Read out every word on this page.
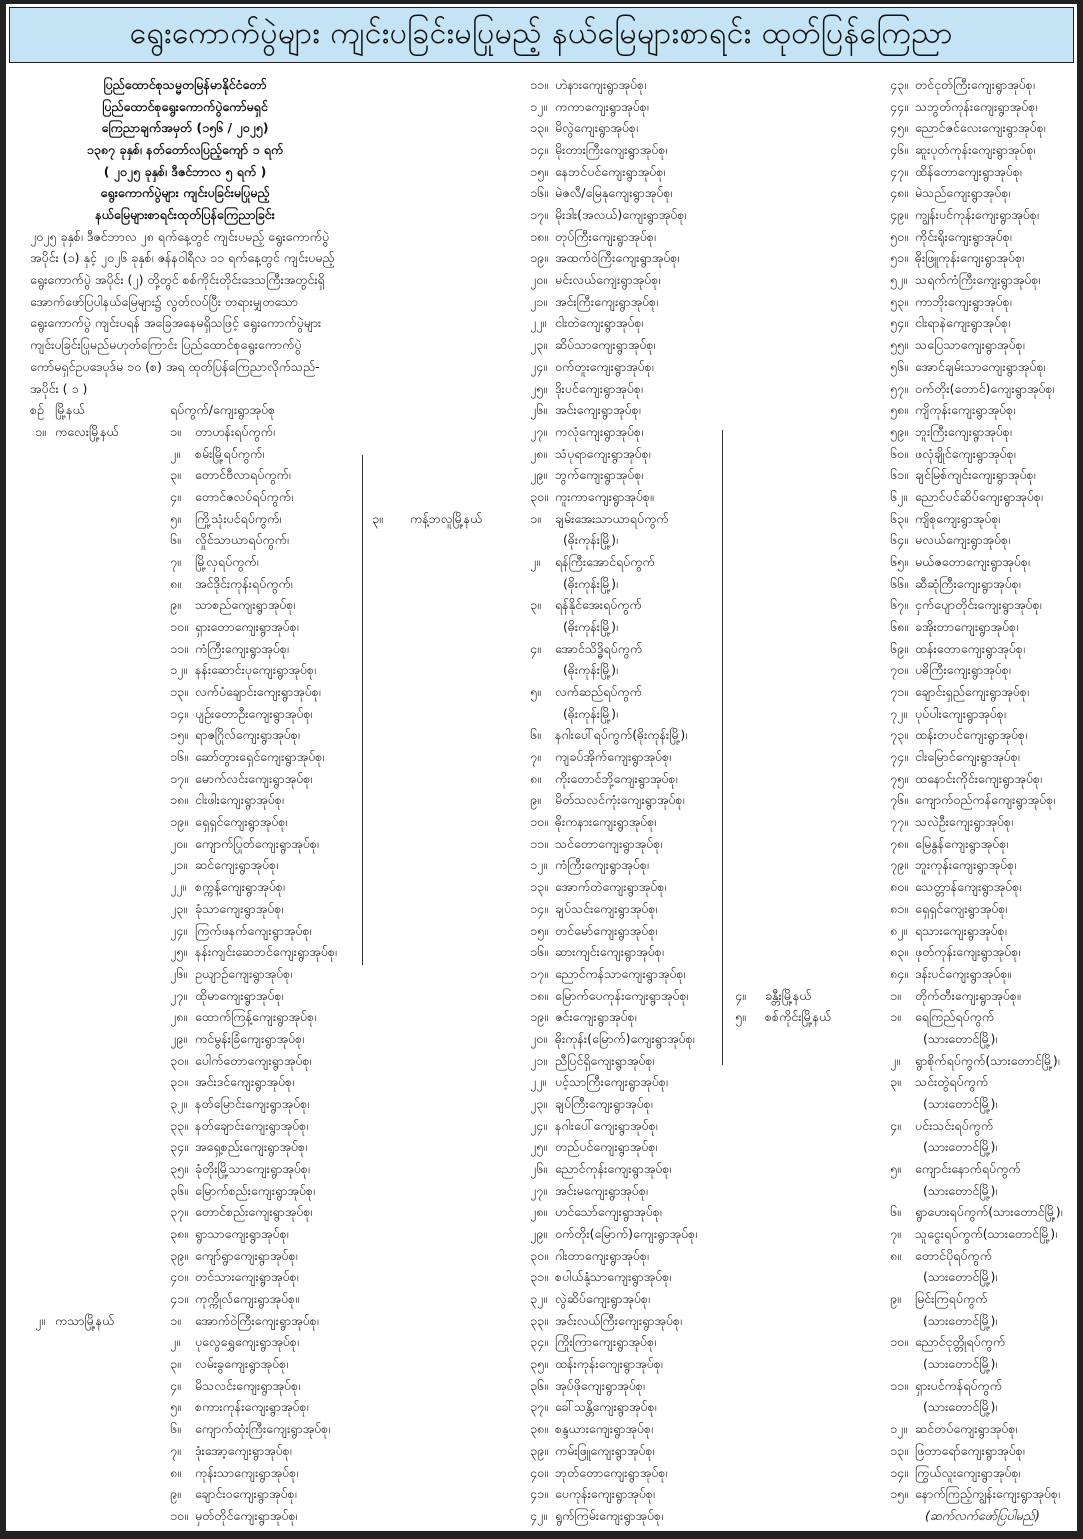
ရွေးကောက်ပွဲများ ကျင်းပခြင်းမပြုမည့် နယ်မြေများစာရင်း ထုတ်ပြန်ကြေညာ
ပြည်ထောင်စုသမ္မတမြန်မာနိုင်ငံတော်
ပြည်ထောင်စုရွေးကောက်ပွဲကော်မရှင်
ကြေညာချက်အမှတ် (၁၅၆ / ၂၀၂၅)
၁၃၈၇ ခုနှစ်၊ နတ်တော်လပြည့်ကျော် ၁ ရက်
( ၂၀၂၅ ခုနှစ်၊ ဒီဇင်ဘာလ ၅ ရက် )
ရွေးကောက်ပွဲများ ကျင်းပခြင်းမပြုမည့်
နယ်မြေများစာရင်းထုတ်ပြန်ကြေညာခြင်း
၂၀၂၅ ခုနှစ်၊ ဒီဇင်ဘာလ ၂၈ ရက်နေ့တွင် ကျင်းပမည့် ရွေးကောက်ပွဲ
အပိုင်း (၁) နှင့် ၂၀၂၆ ခုနှစ်၊ ဇန်နဝါရီလ ၁၁ ရက်နေ့တွင် ကျင်းပမည့်
ရွေးကောက်ပွဲ အပိုင်း (၂) တို့တွင် စစ်ကိုင်းတိုင်းဒေသကြီးအတွင်းရှိ
အောက်ဖော်ပြပါနယ်မြေများ၌ လွတ်လပ်ပြီး တရားမျှတသော
ရွေးကောက်ပွဲ ကျင်းပရန် အခြေအနေမရှိသဖြင့် ရွေးကောက်ပွဲများ
ကျင်းပခြင်းပြုမည်မဟုတ်ကြောင်း ပြည်ထောင်စုရွေးကောက်ပွဲ
ကော်မရှင်ဥပဒေပုဒ်မ ၁၀ (စ) အရ ထုတ်ပြန်ကြေညာလိုက်သည်-
အပိုင်း ( ၁ )
စဉ် မြို့နယ်	ရပ်ကွက်/ကျေးရွာအုပ်စု
၁။ ကလေးမြို့နယ်	၁။ တာဟန်းရပ်ကွက်၊
၂။ စမ်းမြို့ရပ်ကွက်၊
၃။ တောင်ဗီလာရပ်ကွက်၊
၄။ တောင်ဇလပ်ရပ်ကွက်၊
၅။ ကြို့သုံးပင်ရပ်ကွက်၊
၆။ လှိုင်သာယာရပ်ကွက်၊
၇။ မြို့လှရပ်ကွက်၊
၈။ အင်ဒိုင်းကုန်းရပ်ကွက်၊
၉။ သာစည်ကျေးရွာအုပ်စု၊
၁၀။ ရှားတောကျေးရွာအုပ်စု၊
၁၁။ ကံကြီးကျေးရွာအုပ်စု၊
၁၂။ နန်းဆောင်းပုကျေးရွာအုပ်စု၊
၁၃။ လက်ပံချောင်းကျေးရွာအုပ်စု၊
၁၄။ ပျဉ်းတောဦးကျေးရွာအုပ်စု၊
၁၅။ ရာဇဂြိုလ်ကျေးရွာအုပ်စု၊
၁၆။ ဆော်တွားရှေင်ကျေးရွာအုပ်စု၊
၁၇။ မောက်လင်းကျေးရွာအုပ်စု၊
၁၈။ ငါးဖါးကျေးရွာအုပ်စု၊
၁၉။ ရှေရှင်ကျေးရွာအုပ်စု၊
၂၀။ ကျောက်ပြုတ်ကျေးရွာအုပ်စု၊
၂၁။ ဆင်ကျေးရွာအုပ်စု၊
၂၂။ စက္ကန့်ကျေးရွာအုပ်စု၊
၂၃။ ခုံသာကျေးရွာအုပ်စု၊
၂၄။ ကြက်ဖနက်ကျေးရွာအုပ်စု၊
၂၅။ နန်းကျင်းဆေဘင်ကျေးရွာအုပ်စု၊
၂၆။ ဥယျာဉ်ကျေးရွာအုပ်စု၊
၂၇။ ထိုမာကျေးရွာအုပ်စု၊
၂၈။ ထောက်ကြန့်ကျေးရွာအုပ်စု၊
၂၉။ ကင်မွန်းခြံကျေးရွာအုပ်စု၊
၃၀။ ပေါက်တောကျေးရွာအုပ်စု၊
၃၁။ အင်းဒင်ကျေးရွာအုပ်စု၊
၃၂။ နတ်မြောင်းကျေးရွာအုပ်စု၊
၃၃။ နတ်ချောင်းကျေးရွာအုပ်စု၊
၃၄။ အရှေ့စည်းကျေးရွာအုပ်စု၊
၃၅။ ခုံတိုးမြို့သာကျေးရွာအုပ်စု၊
၃၆။ မြောက်စည်းကျေးရွာအုပ်စု၊
၃၇။ တောင်စည်းကျေးရွာအုပ်စု၊
၃၈။ ရွာသာကျေးရွာအုပ်စု၊
၃၉။ ကျော်ရွာကျေးရွာအုပ်စု၊
၄၀။ တင်သားကျေးရွာအုပ်စု၊
၄၁။ ကုက္ကိုလ်ကျေးရွာအုပ်စု။
၂။ ကသာမြို့နယ်	၁။ အောက်ဝဲကြီးကျေးရွာအုပ်စု၊
၂။ ပုလွေရွှေကျေးရွာအုပ်စု၊
၃။ လမ်းခွကျေးရွာအုပ်စု၊
၄။ မိသလင်းကျေးရွာအုပ်စု၊
၅။ စကားကုန်းကျေးရွာအုပ်စု၊
၆။ ကျောက်ထုံးကြီးကျေးရွာအုပ်စု၊
၇။ ဒုံးအော့ကျေးရွာအုပ်စု၊
၈။ ကုန်းသာကျေးရွာအုပ်စု၊
၉။ ချောင်းဝကျေးရွာအုပ်စု၊
၁၀။ မှတ်တိုင်ကျေးရွာအုပ်စု၊
၁၁။ ဟဲနားကျေးရွာအုပ်စု၊
၁၂။ ကကာကျေးရွာအုပ်စု၊
၁၃။ မိလွဲကျေးရွာအုပ်စု၊
၁၄။ မိုးတားကြီးကျေးရွာအုပ်စု၊
၁၅။ နေဘင်ပင်ကျေးရွာအုပ်စု၊
၁၆။ မဲဇလီ/မြေနုကျေးရွာအုပ်စု၊
၁၇။ မိုးဒါး(အလယ်)ကျေးရွာအုပ်စု၊
၁၈။ တုပ်ကြီးကျေးရွာအုပ်စု၊
၁၉။ အထက်ဝဲကြီးကျေးရွာအုပ်စု၊
၂၀။ မင်းလယ်ကျေးရွာအုပ်စု၊
၂၁။ အင်းကြီးကျေးရွာအုပ်စု၊
၂၂။ ငါးတဲကျေးရွာအုပ်စု၊
၂၃။ ဆိပ်သာကျေးရွာအုပ်စု၊
၂၄။ ဝက်တူးကျေးရွာအုပ်စု၊
၂၅။ ဒိုးပင်ကျေးရွာအုပ်စု၊
၂၆။ အင်းကျေးရွာအုပ်စု၊
၂၇။ ကလုံကျေးရွာအုပ်စု၊
၂၈။ သံပုရာကျေးရွာအုပ်စု၊
၂၉။ ဘွက်ကျေးရွာအုပ်စု၊
၃၀။ ကူးကာကျေးရွာအုပ်စု။
၃။ ကန့်ဘလူမြို့နယ်	၁။ ချမ်းအေးသာယာရပ်ကွက်
(ဓိုးကုန်းမြို့)၊
၂။ ရန်ကြီးအောင်ရပ်ကွက်
(ဓိုးကုန်းမြို့)၊
၃။ ရန်နိုင်အေးရပ်ကွက်
(ဓိုးကုန်းမြို့)၊
၄။ အောင်သိဒ္ဓိရပ်ကွက်
(ဓိုးကုန်းမြို့)၊
၅။ လက်ဆည်ရပ်ကွက်
(ဓိုးကုန်းမြို့)၊
၆။ နဂါးပေါ်ရပ်ကွက်(ဓိုးကုန်းမြို့)၊
၇။ ကျခပ်အိုက်ကျေးရွာအုပ်စု၊
၈။ ကိုးတောင်ဘို့ကျေးရွာအုပ်စု၊
၉။ မိတ်သလင်ကုံးကျေးရွာအုပ်စု၊
၁၀။ ဓိုးကနားကျေးရွာအုပ်စု၊
၁၁။ သင်တောကျေးရွာအုပ်စု၊
၁၂။ ကံကြီးကျေးရွာအုပ်စု၊
၁၃။ အောက်တဲကျေးရွာအုပ်စု၊
၁၄။ ချပ်သင်းကျေးရွာအုပ်စု၊
၁၅။ တင်မော်ကျေးရွာအုပ်စု၊
၁၆။ ဆားကျင်းကျေးရွာအုပ်စု၊
၁၇။ ညောင်ကန်သာကျေးရွာအုပ်စု၊
၁၈။ မြောက်ပေကုန်းကျေးရွာအုပ်စု၊
၁၉။ ဇင်းကျေးရွာအုပ်စု၊
၂၀။ ဓိုးကုန်း(မြောက်)ကျေးရွာအုပ်စု၊
၂၁။ ညီပြင်ရှိကျေးရွာအုပ်စု၊
၂၂။ ပင့်သာကြီးကျေးရွာအုပ်စု၊
၂၃။ ချပ်ကြီးကျေးရွာအုပ်စု၊
၂၄။ နဂါးပေါ်ကျေးရွာအုပ်စု၊
၂၅။ တည်ပင်ကျေးရွာအုပ်စု၊
၂၆။ ညောင်ကုန်းကျေးရွာအုပ်စု၊
၂၇။ အင်းမကျေးရွာအုပ်စု၊
၂၈။ ဟင်သော်ကျေးရွာအုပ်စု၊
၂၉။ ဝက်တိုး(မြောက်)ကျေးရွာအုပ်စု၊
၃၀။ ဂါးတာကျေးရွာအုပ်စု၊
၃၁။ စပါယ်နုံ့သာကျေးရွာအုပ်စု၊
၃၂။ လွဲဆိပ်ကျေးရွာအုပ်စု၊
၃၃။ အင်းလယ်ကြီးကျေးရွာအုပ်စု၊
၃၄။ ကြိုးကြာကျေးရွာအုပ်စု၊
၃၅။ ထန်းကုန်းကျေးရွာအုပ်စု၊
၃၆။ အုပ်ဖိုကျေးရွာအုပ်စု၊
၃၇။ ခေါ်သန္တိကျေးရွာအုပ်စု၊
၃၈။ စန္ဒယားကျေးရွာအုပ်စု၊
၃၉။ ကမ်းဖြူကျေးရွာအုပ်စု၊
၄၀။ ဘုတ်တောကျေးရွာအုပ်စု၊
၄၁။ ပေကုန်းကျေးရွာအုပ်စု၊
၄၂။ ရွက်ကြမ်းကျေးရွာအုပ်စု၊
၄၃။ တင်ငုတ်ကြီးကျေးရွာအုပ်စု၊
၄၄။ သဘွတ်ကုန်းကျေးရွာအုပ်စု၊
၄၅။ ညောင်ဇင်လေးကျေးရွာအုပ်စု၊
၄၆။ ဆူးပုတ်ကုန်းကျေးရွာအုပ်စု၊
၄၇။ ထိန်တောကျေးရွာအုပ်စု၊
၄၈။ မဲသည်ကျေးရွာအုပ်စု၊
၄၉။ ကျွန်းပင်ကုန်းကျေးရွာအုပ်စု၊
၅၀။ ကိုင်းရိုးကျေးရွာအုပ်စု၊
၅၁။ ဓိုးဖြူကုန်းကျေးရွာအုပ်စု၊
၅၂။ သရက်ကံကြီးကျေးရွာအုပ်စု၊
၅၃။ ကာဘိုးကျေးရွာအုပ်စု၊
၅၄။ ငါးရာနဲကျေးရွာအုပ်စု၊
၅၅။ သပြေသာကျေးရွာအုပ်စု၊
၅၆။ အောင်ချမ်းသာကျေးရွာအုပ်စု၊
၅၇။ ဝက်တိုး(တောင်)ကျေးရွာအုပ်စု၊
၅၈။ ကျိကုန်းကျေးရွာအုပ်စု၊
၅၉။ ဘူးကြီးကျေးရွာအုပ်စု၊
၆၀။ ဖလုံချိုင်ကျေးရွာအုပ်စု၊
၆၁။ ချင်မြစ်ကျင်းကျေးရွာအုပ်စု၊
၆၂။ ညောင်ပင်ဆိပ်ကျေးရွာအုပ်စု၊
၆၃။ ကျိစုကျေးရွာအုပ်စု၊
၆၄။ မလယ်ကျေးရွာအုပ်စု၊
၆၅။ မယ်ဇတောကျေးရွာအုပ်စု၊
၆၆။ ဆီဆုံကြီးကျေးရွာအုပ်စု၊
၆၇။ ငှက်ပျောတိုင်းကျေးရွာအုပ်စု၊
၆၈။ ခအိုးတာကျေးရွာအုပ်စု၊
၆၉။ ထန်းတောကျေးရွာအုပ်စု၊
၇၀။ ပဓိကြီးကျေးရွာအုပ်စု၊
၇၁။ ချောင်းရှည်ကျေးရွာအုပ်စု၊
၇၂။ ပုပ်ပါးကျေးရွာအုပ်စု၊
၇၃။ ထန်းတပင်ကျေးရွာအုပ်စု၊
၇၄။ ငါးမြောင်ကျေးရွာအုပ်စု၊
၇၅။ ထနောင်းကိုင်းကျေးရွာအုပ်စု၊
၇၆။ ကျောက်ဝည်ကန်ကျေးရွာအုပ်စု၊
၇၇။ သလဲဦးကျေးရွာအုပ်စု၊
၇၈။ မြေနွန်ကျေးရွာအုပ်စု၊
၇၉။ ဘူးကုန်းကျေးရွာအုပ်စု၊
၈၀။ သေတ္တာန်ကျေးရွာအုပ်စု၊
၈၁။ ရှေရှင်ကျေးရွာအုပ်စု၊
၈၂။ ရသားကျေးရွာအုပ်စု၊
၈၃။ ဖုတ်ကုန်းကျေးရွာအုပ်စု၊
၈၄။ ဒန်းပင်ကျေးရွာအုပ်စု။
၄။ ခန္တီးမြို့နယ်	၁။ တိုက်တီးကျေးရွာအုပ်စု။
၅။ စစ်ကိုင်းမြို့နယ်	၁။ ရေကြည်ရပ်ကွက်
(သားတောင်မြို့)၊
၂။ ရွာစိုက်ရပ်ကွက်(သားတောင်မြို့)၊
၃။ သင်းတွဲရပ်ကွက်
(သားတောင်မြို့)၊
၄။ ပင်းသင်းရပ်ကွက်
(သားတောင်မြို့)၊
၅။ ကျောင်းနောက်ရပ်ကွက်
(သားတောင်မြို့)၊
၆။ ရွာဟေးရပ်ကွက်(သားတောင်မြို့)၊
၇။ သူငွေးရပ်ကွက်(သားတောင်မြို့)၊
၈။ တောင်ပိုရပ်ကွက်
(သားတောင်မြို့)၊
၉။ မြင်းကြရပ်ကွက်
(သားတောင်မြို့)၊
၁၀။ ညောင်ငုတ္တိုရပ်ကွက်
(သားတောင်မြို့)၊
၁၁။ ရှားပင်ကန်ရပ်ကွက်
(သားတောင်မြို့)၊
၁၂။ ဆင်တပ်ကျေးရွာအုပ်စု၊
၁၃။ ဖြတာရော်ကျေးရွာအုပ်စု၊
၁၄။ ကြွယ်လူးကျေးရွာအုပ်စု၊
၁၅။ နောက်ကြည့်ကျွန်းကျေးရွာအုပ်စု၊
(ဆက်လက်ဖော်ပြပါမည်)
